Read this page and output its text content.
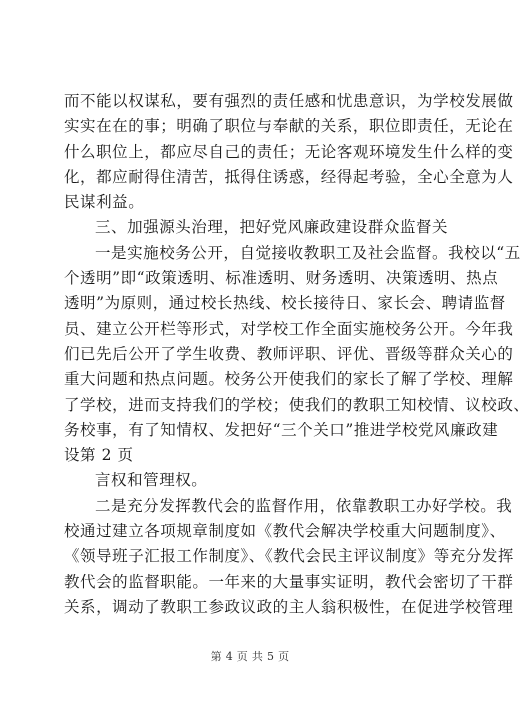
而不能以权谋私，要有强烈的责任感和忧患意识，为学校发展做
实实在在的事；明确了职位与奉献的关系，职位即责任，无论在
什么职位上，都应尽自己的责任；无论客观环境发生什么样的变
化，都应耐得住清苦，抵得住诱惑，经得起考验，全心全意为人
民谋利益。
三、加强源头治理，把好党风廉政建设群众监督关
一是实施校务公开，自觉接收教职工及社会监督。我校以“五
个透明”即“政策透明、标准透明、财务透明、决策透明、热点
透明”为原则，通过校长热线、校长接待日、家长会、聘请监督
员、建立公开栏等形式，对学校工作全面实施校务公开。今年我
们已先后公开了学生收费、教师评职、评优、晋级等群众关心的
重大问题和热点问题。校务公开使我们的家长了解了学校、理解
了学校，进而支持我们的学校；使我们的教职工知校情、议校政、
务校事，有了知情权、发把好“三个关口”推进学校党风廉政建
设第 2 页
言权和管理权。
二是充分发挥教代会的监督作用，依靠教职工办好学校。我
校通过建立各项规章制度如《教代会解决学校重大问题制度》、
《领导班子汇报工作制度》、《教代会民主评议制度》等充分发挥
教代会的监督职能。一年来的大量事实证明，教代会密切了干群
关系，调动了教职工参政议政的主人翁积极性，在促进学校管理
第 4 页 共 5 页
